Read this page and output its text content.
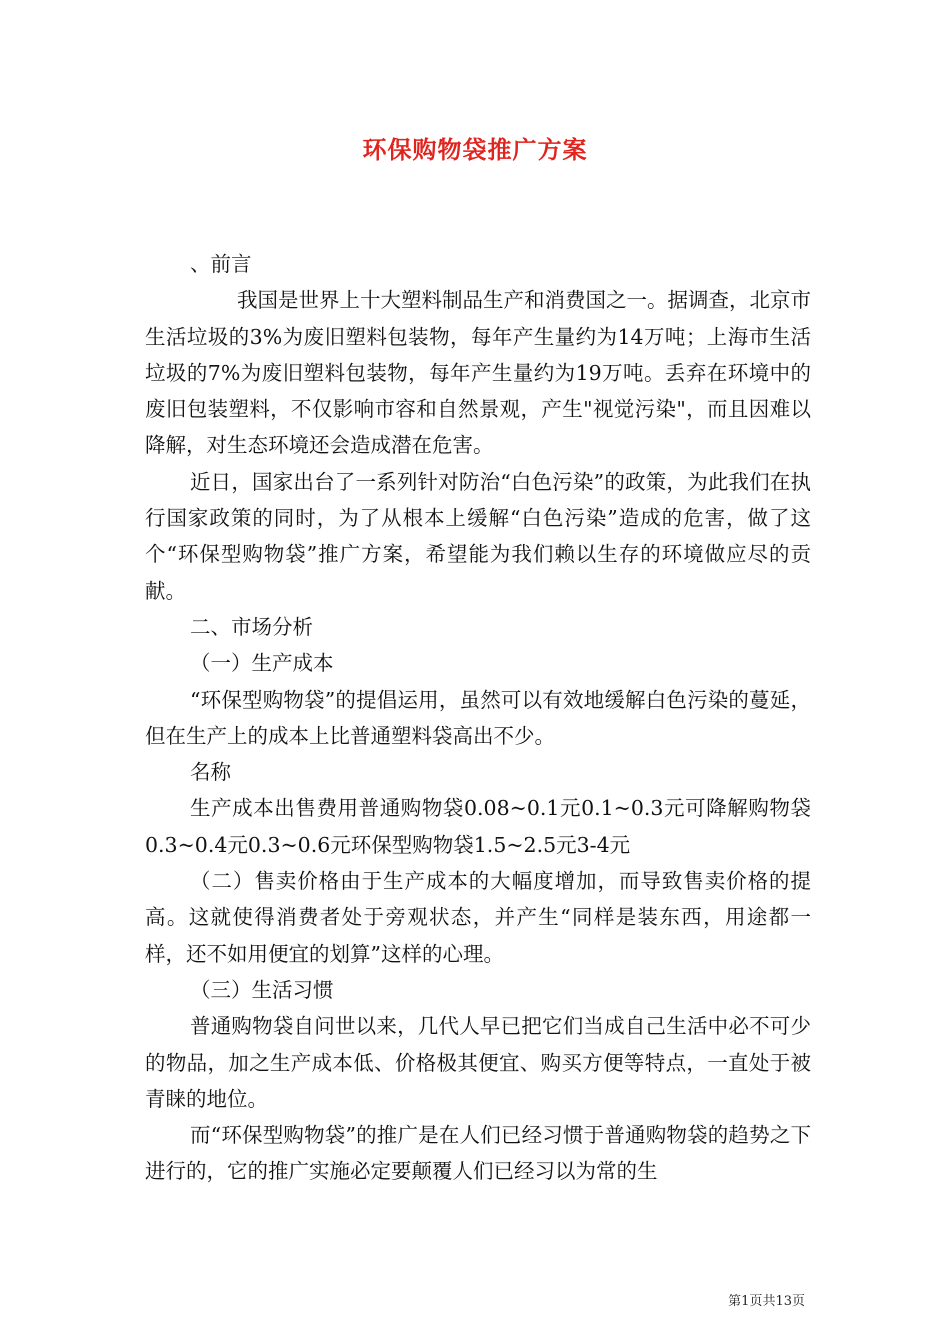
环保购物袋推广方案

、前言

我国是世界上十大塑料制品生产和消费国之一。据调查，北京市生活垃圾的3%为废旧塑料包装物，每年产生量约为14万吨；上海市生活垃圾的7%为废旧塑料包装物，每年产生量约为19万吨。丢弃在环境中的废旧包装塑料，不仅影响市容和自然景观，产生"视觉污染"，而且因难以降解，对生态环境还会造成潜在危害。

近日，国家出台了一系列针对防治“白色污染”的政策，为此我们在执行国家政策的同时，为了从根本上缓解“白色污染”造成的危害，做了这个“环保型购物袋”推广方案，希望能为我们赖以生存的环境做应尽的贡献。

二、市场分析

（一）生产成本

“环保型购物袋”的提倡运用，虽然可以有效地缓解白色污染的蔓延，但在生产上的成本上比普通塑料袋高出不少。

名称

生产成本出售费用普通购物袋0.08~0.1元0.1~0.3元可降解购物袋0.3~0.4元0.3~0.6元环保型购物袋1.5~2.5元3-4元

（二）售卖价格由于生产成本的大幅度增加，而导致售卖价格的提高。这就使得消费者处于旁观状态，并产生“同样是装东西，用途都一样，还不如用便宜的划算”这样的心理。

（三）生活习惯

普通购物袋自问世以来，几代人早已把它们当成自己生活中必不可少的物品，加之生产成本低、价格极其便宜、购买方便等特点，一直处于被青睐的地位。

而“环保型购物袋”的推广是在人们已经习惯于普通购物袋的趋势之下进行的，它的推广实施必定要颠覆人们已经习以为常的生

第1页共13页
